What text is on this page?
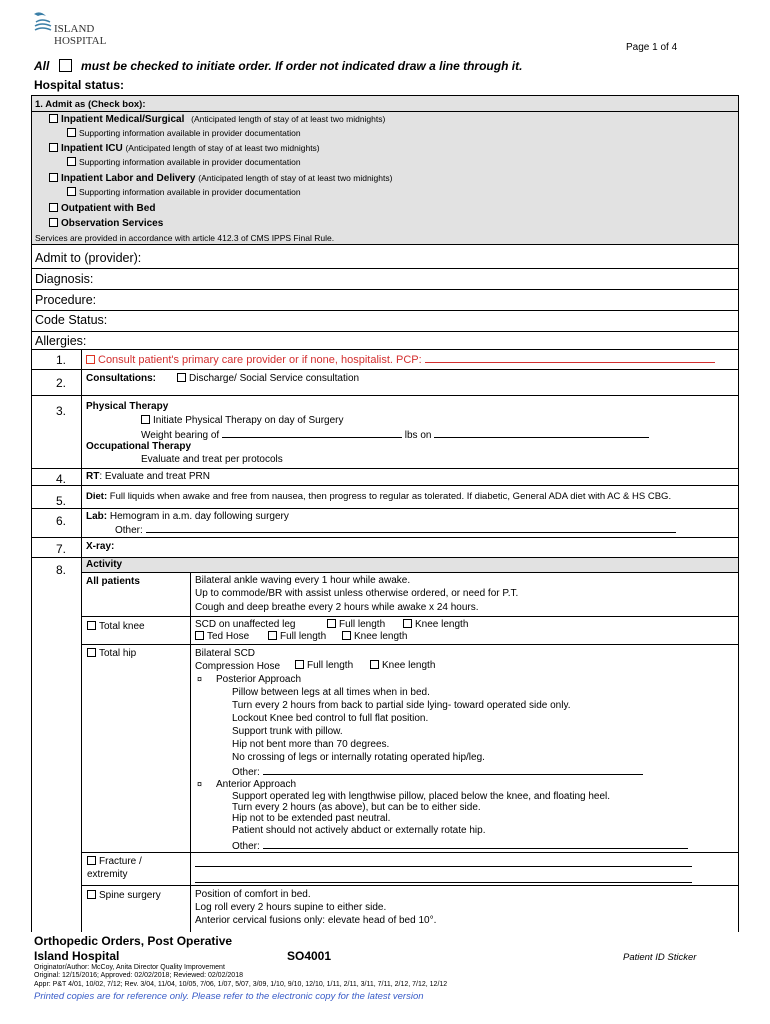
ISLAND
HOSPITAL
Page 1 of 4
All	must be checked to initiate order. If order not indicated draw a line through it.
Hospital status:
1. Admit as (Check box):
Inpatient Medical/Surgical (Anticipated length of stay of at least two midnights)
Supporting information available in provider documentation
Inpatient ICU (Anticipated length of stay of at least two midnights)
Supporting information available in provider documentation
Inpatient Labor and Delivery (Anticipated length of stay of at least two midnights)
Supporting information available in provider documentation
Outpatient with Bed
Observation Services
Services are provided in accordance with article 412.3 of CMS IPPS Final Rule.
Admit to (provider):
Diagnosis:
Procedure:
Code Status:
Allergies:
1.	Consult patient's primary care provider or if none, hospitalist. PCP:
2.	Consultations:	Discharge/ Social Service consultation
3.	Physical Therapy
Initiate Physical Therapy on day of Surgery
Weight bearing of	lbs on
Occupational Therapy
Evaluate and treat per protocols
4.	RT: Evaluate and treat PRN
5.	Diet: Full liquids when awake and free from nausea, then progress to regular as tolerated. If diabetic, General ADA diet with AC & HS CBG.
6.	Lab: Hemogram in a.m. day following surgery
Other:
7.	X-ray:
8.	Activity
All patients	Bilateral ankle waving every 1 hour while awake.
Up to commode/BR with assist unless otherwise ordered, or need for P.T.
Cough and deep breathe every 2 hours while awake x 24 hours.
Total knee	SCD on unaffected leg	Full length	Knee length
Ted Hose	Full length	Knee length
Total hip	Bilateral SCD
Compression Hose	Full length	Knee length
¤ Posterior Approach
Pillow between legs at all times when in bed.
Turn every 2 hours from back to partial side lying- toward operated side only.
Lockout Knee bed control to full flat position.
Support trunk with pillow.
Hip not bent more than 70 degrees.
No crossing of legs or internally rotating operated hip/leg.
Other:
¤ Anterior Approach
Support operated leg with lengthwise pillow, placed below the knee, and floating heel.
Turn every 2 hours (as above), but can be to either side.
Hip not to be extended past neutral.
Patient should not actively abduct or externally rotate hip.
Other:
Fracture /
extremity
Spine surgery	Position of comfort in bed.
Log roll every 2 hours supine to either side.
Anterior cervical fusions only: elevate head of bed 10°.
Orthopedic Orders, Post Operative
Island Hospital	SO4001	Patient ID Sticker
Originator/Author: McCoy, Anita Director Quality Improvement
Original: 12/15/2016; Approved: 02/02/2018; Reviewed: 02/02/2018
Appr: P&T 4/01, 10/02, 7/12; Rev. 3/04, 11/04, 10/05, 7/06, 1/07, 5/07, 3/09, 1/10, 9/10, 12/10, 1/11, 2/11, 3/11, 7/11, 2/12, 7/12, 12/12
Printed copies are for reference only. Please refer to the electronic copy for the latest version
